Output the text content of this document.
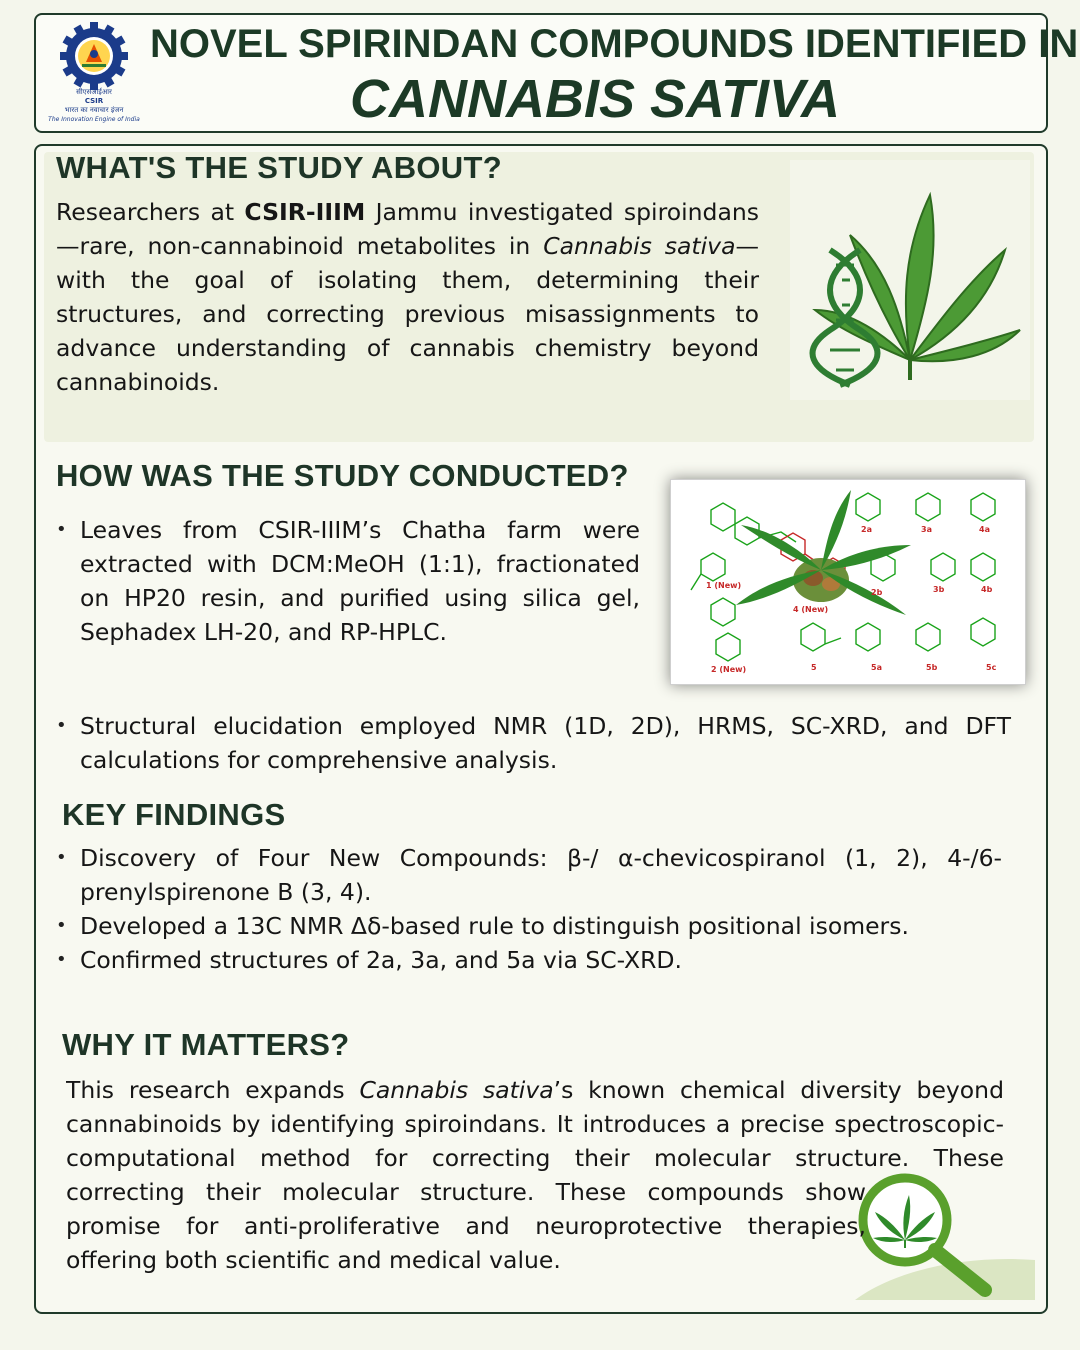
सीएसआईआर
CSIR
भारत का नवाचार इंजन
The Innovation Engine of India
NOVEL SPIRINDAN COMPOUNDS IDENTIFIED IN
CANNABIS SATIVA
WHAT'S THE STUDY ABOUT?
Researchers at CSIR-IIIM Jammu investigated spiroindans—rare, non-cannabinoid metabolites in Cannabis sativa—with the goal of isolating them, determining their structures, and correcting previous misassignments to advance understanding of cannabis chemistry beyond cannabinoids.
HOW WAS THE STUDY CONDUCTED?
• Leaves from CSIR-IIIM’s Chatha farm were extracted with DCM:MeOH (1:1), fractionated on HP20 resin, and purified using silica gel, Sephadex LH-20, and RP-HPLC.
• Structural elucidation employed NMR (1D, 2D), HRMS, SC-XRD, and DFT calculations for comprehensive analysis.
1 (New)
2a	3a	4a
3b	4b
4 (New)
2b
2 (New)	5	5a	5b	5c
KEY FINDINGS
• Discovery of Four New Compounds: β-/ α-chevicospiranol (1, 2), 4-/6-prenylspirenone B (3, 4).
• Developed a 13C NMR Δδ-based rule to distinguish positional isomers.
• Confirmed structures of 2a, 3a, and 5a via SC-XRD.
WHY IT MATTERS?
This research expands Cannabis sativa’s known chemical diversity beyond cannabinoids by identifying spiroindans. It introduces a precise spectroscopic-computational method for correcting their molecular structure. These
correcting their molecular structure. These compounds show promise for anti-proliferative and neuroprotective therapies, offering both scientific and medical value.
